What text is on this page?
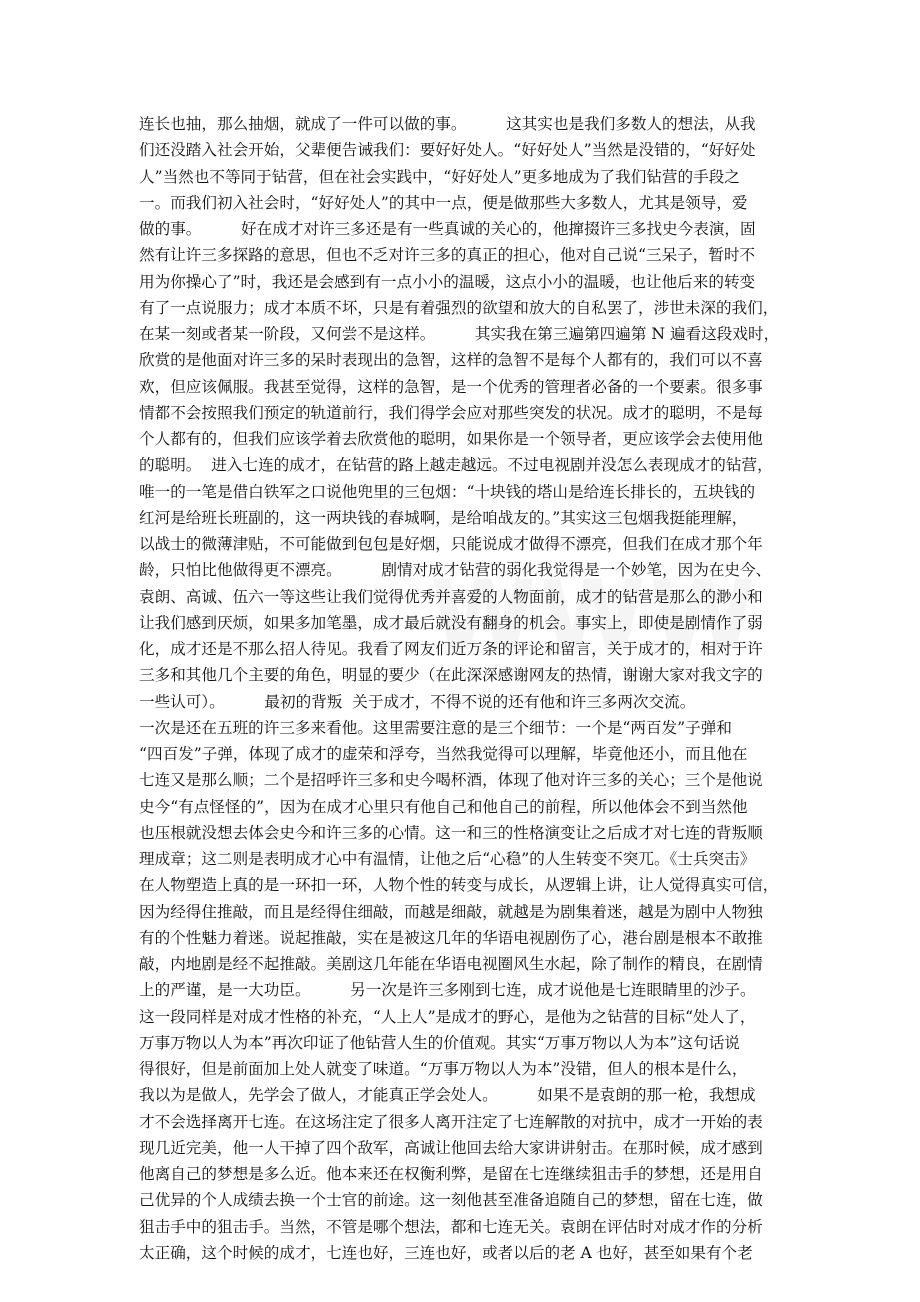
连长也抽，那么抽烟，就成了一件可以做的事。        这其实也是我们多数人的想法，从我
们还没踏入社会开始，父辈便告诫我们：要好好处人。“好好处人”当然是没错的，“好好处
人”当然也不等同于钻营，但在社会实践中，“好好处人”更多地成为了我们钻营的手段之
一。而我们初入社会时，“好好处人”的其中一点，便是做那些大多数人，尤其是领导，爱
做的事。        好在成才对许三多还是有一些真诚的关心的，他撺掇许三多找史今表演，固
然有让许三多探路的意思，但也不乏对许三多的真正的担心，他对自己说“三呆子，暂时不
用为你操心了”时，我还是会感到有一点小小的温暖，这点小小的温暖，也让他后来的转变
有了一点说服力；成才本质不坏，只是有着强烈的欲望和放大的自私罢了，涉世未深的我们，
在某一刻或者某一阶段，又何尝不是这样。        其实我在第三遍第四遍第 N 遍看这段戏时，
欣赏的是他面对许三多的呆时表现出的急智，这样的急智不是每个人都有的，我们可以不喜
欢，但应该佩服。我甚至觉得，这样的急智，是一个优秀的管理者必备的一个要素。很多事
情都不会按照我们预定的轨道前行，我们得学会应对那些突发的状况。成才的聪明，不是每
个人都有的，但我们应该学着去欣赏他的聪明，如果你是一个领导者，更应该学会去使用他
的聪明。  进入七连的成才，在钻营的路上越走越远。不过电视剧并没怎么表现成才的钻营，
唯一的一笔是借白铁军之口说他兜里的三包烟：“十块钱的塔山是给连长排长的，五块钱的
红河是给班长班副的，这一两块钱的春城啊，是给咱战友的。”其实这三包烟我挺能理解，
以战士的微薄津贴，不可能做到包包是好烟，只能说成才做得不漂亮，但我们在成才那个年
龄，只怕比他做得更不漂亮。        剧情对成才钻营的弱化我觉得是一个妙笔，因为在史今、
袁朗、高诚、伍六一等这些让我们觉得优秀并喜爱的人物面前，成才的钻营是那么的渺小和
让我们感到厌烦，如果多加笔墨，成才最后就没有翻身的机会。事实上，即使是剧情作了弱
化，成才还是不那么招人待见。我看了网友们近万条的评论和留言，关于成才的，相对于许
三多和其他几个主要的角色，明显的要少（在此深深感谢网友的热情，谢谢大家对我文字的
一些认可）。        最初的背叛  关于成才，不得不说的还有他和许三多两次交流。
一次是还在五班的许三多来看他。这里需要注意的是三个细节：一个是“两百发”子弹和
“四百发”子弹，体现了成才的虚荣和浮夸，当然我觉得可以理解，毕竟他还小，而且他在
七连又是那么顺；二个是招呼许三多和史今喝杯酒，体现了他对许三多的关心；三个是他说
史今“有点怪怪的”，因为在成才心里只有他自己和他自己的前程，所以他体会不到当然他
也压根就没想去体会史今和许三多的心情。这一和三的性格演变让之后成才对七连的背叛顺
理成章；这二则是表明成才心中有温情，让他之后“心稳”的人生转变不突兀。《士兵突击》
在人物塑造上真的是一环扣一环，人物个性的转变与成长，从逻辑上讲，让人觉得真实可信，
因为经得住推敲，而且是经得住细敲，而越是细敲，就越是为剧集着迷，越是为剧中人物独
有的个性魅力着迷。说起推敲，实在是被这几年的华语电视剧伤了心，港台剧是根本不敢推
敲，内地剧是经不起推敲。美剧这几年能在华语电视圈风生水起，除了制作的精良，在剧情
上的严谨，是一大功臣。        另一次是许三多刚到七连，成才说他是七连眼睛里的沙子。
这一段同样是对成才性格的补充，“人上人”是成才的野心，是他为之钻营的目标“处人了，
万事万物以人为本”再次印证了他钻营人生的价值观。其实“万事万物以人为本”这句话说
得很好，但是前面加上处人就变了味道。“万事万物以人为本”没错，但人的根本是什么，
我以为是做人，先学会了做人，才能真正学会处人。        如果不是袁朗的那一枪，我想成
才不会选择离开七连。在这场注定了很多人离开注定了七连解散的对抗中，成才一开始的表
现几近完美，他一人干掉了四个敌军，高诚让他回去给大家讲讲射击。在那时候，成才感到
他离自己的梦想是多么近。他本来还在权衡利弊，是留在七连继续狙击手的梦想，还是用自
己优异的个人成绩去换一个士官的前途。这一刻他甚至准备追随自己的梦想，留在七连，做
狙击手中的狙击手。当然，不管是哪个想法，都和七连无关。袁朗在评估时对成才作的分析
太正确，这个时候的成才，七连也好，三连也好，或者以后的老 A 也好，甚至如果有个老
